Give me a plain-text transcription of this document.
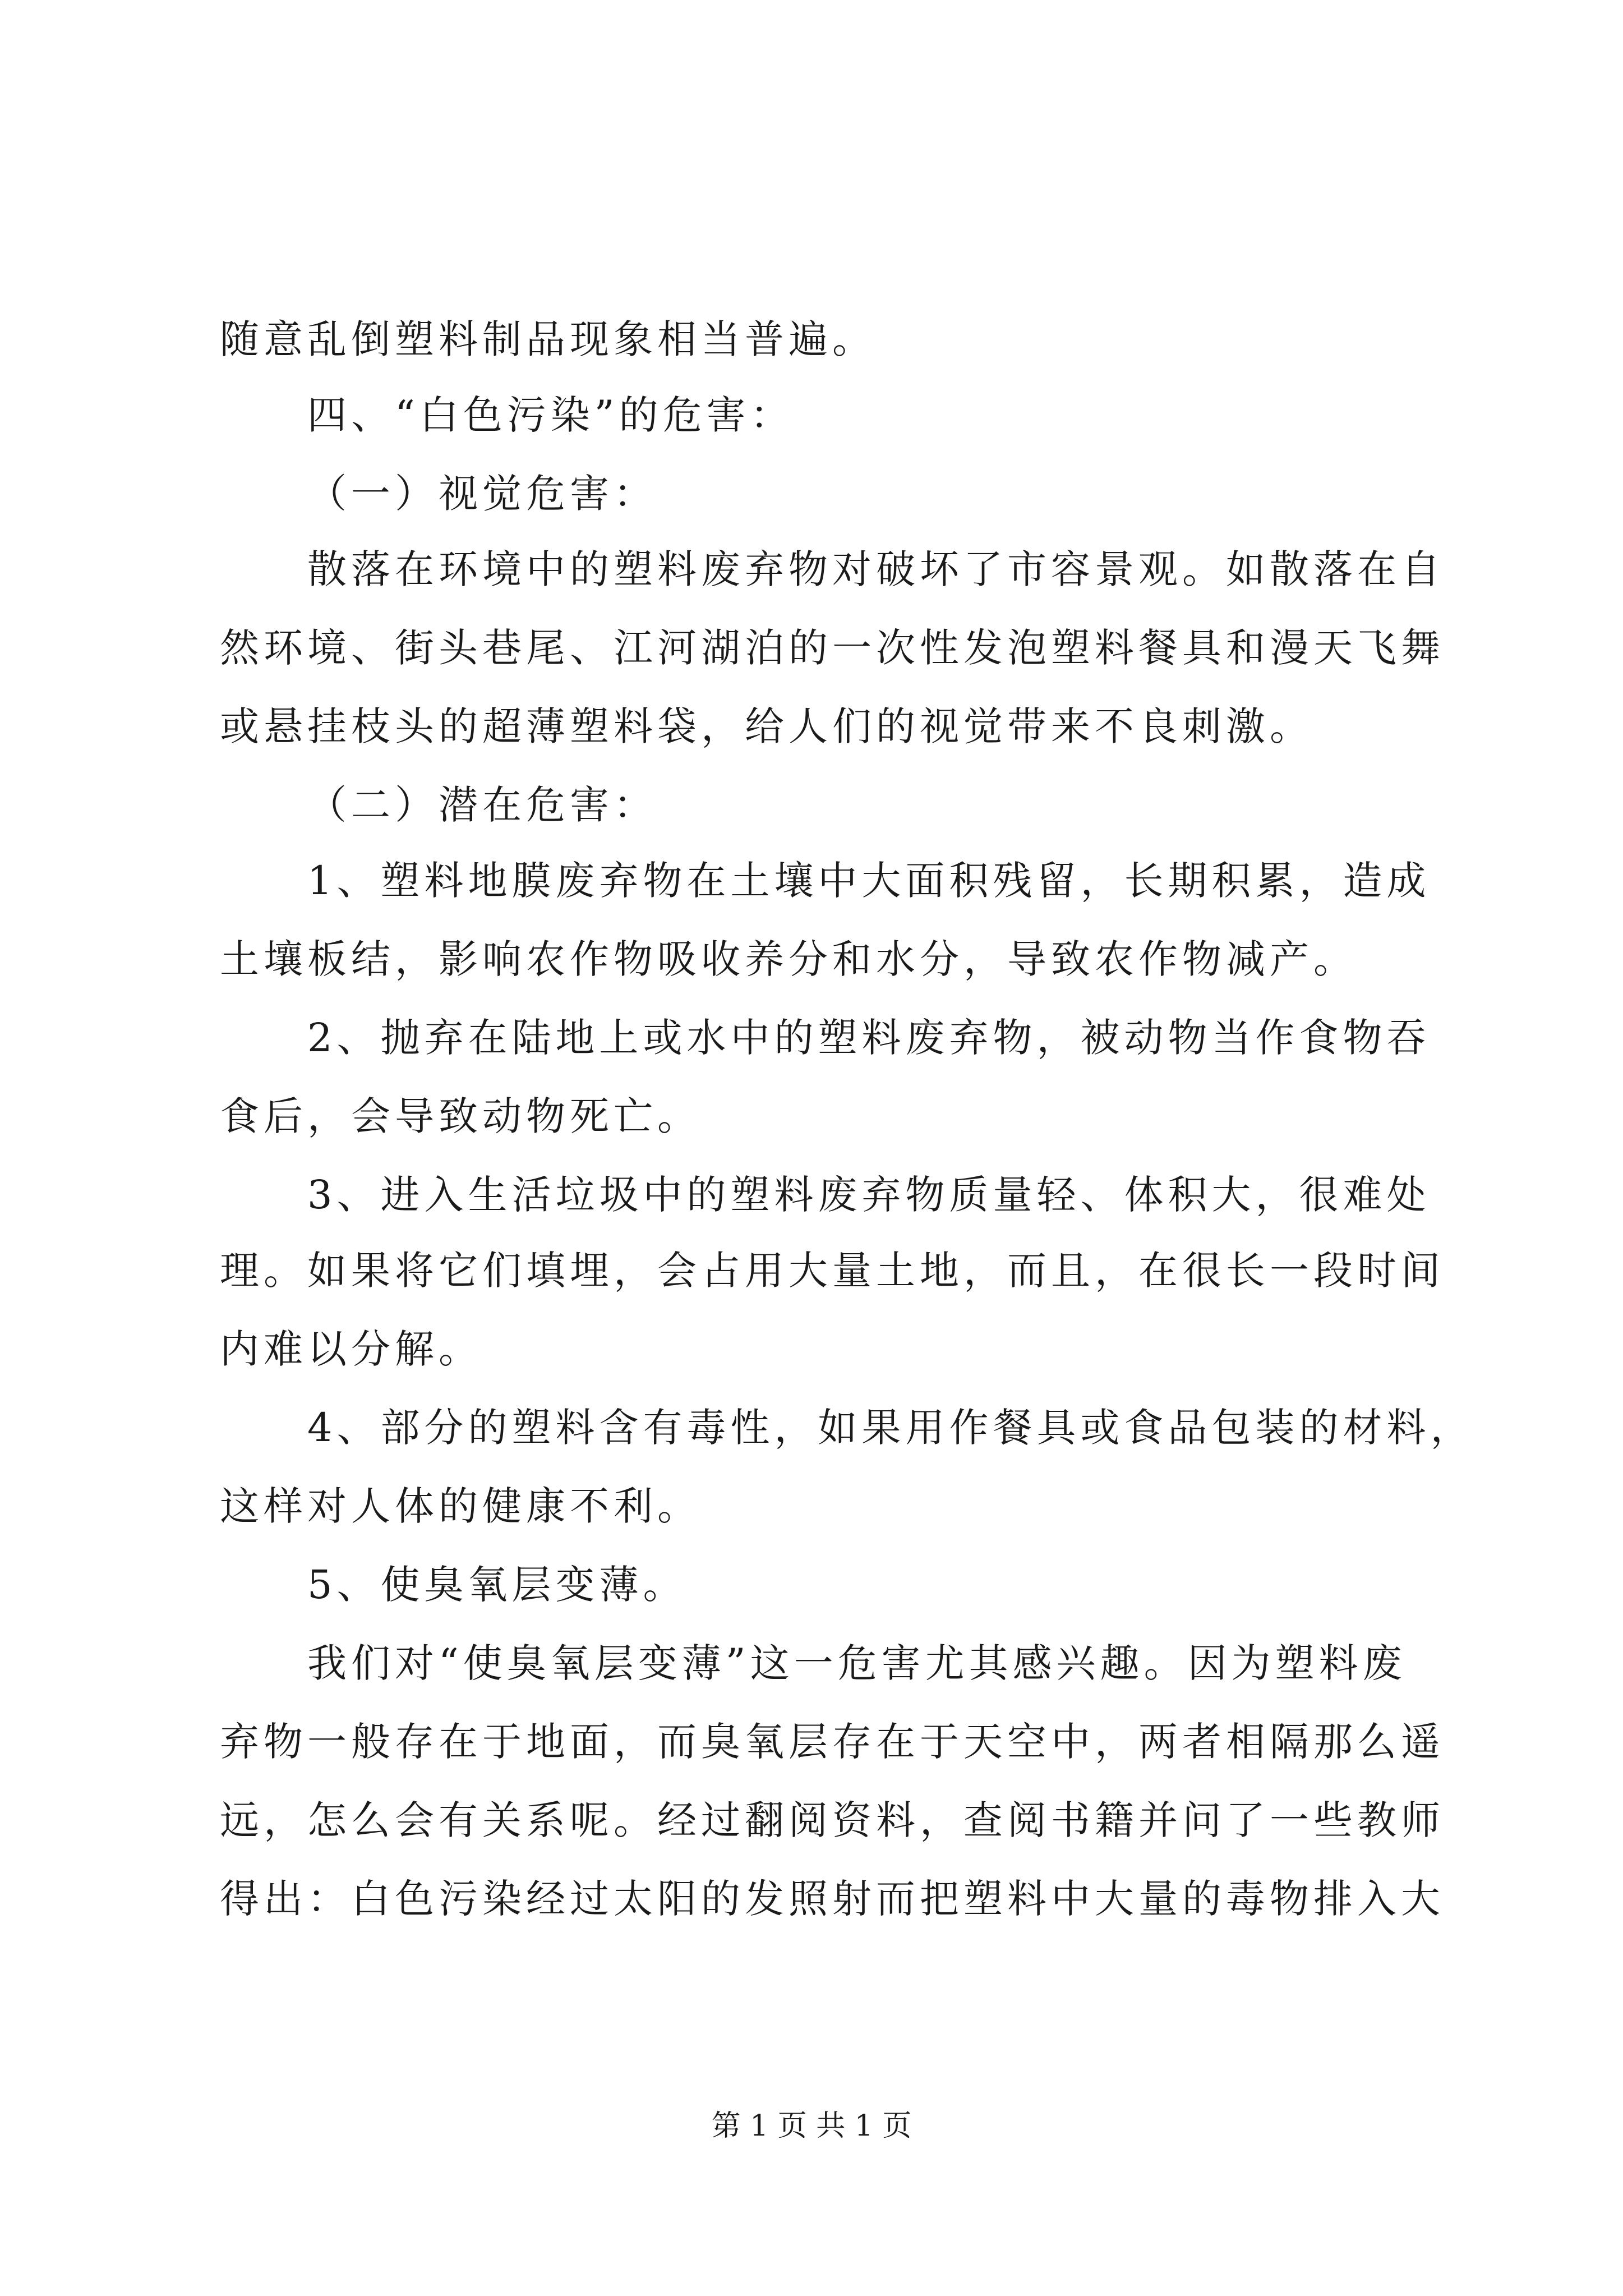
随意乱倒塑料制品现象相当普遍。
四、“白色污染”的危害：
（一）视觉危害：
散落在环境中的塑料废弃物对破坏了市容景观。如散落在自
然环境、街头巷尾、江河湖泊的一次性发泡塑料餐具和漫天飞舞
或悬挂枝头的超薄塑料袋，给人们的视觉带来不良刺激。
（二）潜在危害：
1、塑料地膜废弃物在土壤中大面积残留，长期积累，造成
土壤板结，影响农作物吸收养分和水分，导致农作物减产。
2、抛弃在陆地上或水中的塑料废弃物，被动物当作食物吞
食后，会导致动物死亡。
3、进入生活垃圾中的塑料废弃物质量轻、体积大，很难处
理。如果将它们填埋，会占用大量土地，而且，在很长一段时间
内难以分解。
4、部分的塑料含有毒性，如果用作餐具或食品包装的材料，
这样对人体的健康不利。
5、使臭氧层变薄。
我们对“使臭氧层变薄”这一危害尤其感兴趣。因为塑料废
弃物一般存在于地面，而臭氧层存在于天空中，两者相隔那么遥
远，怎么会有关系呢。经过翻阅资料，查阅书籍并问了一些教师
得出：白色污染经过太阳的发照射而把塑料中大量的毒物排入大
第 1 页 共 1 页
